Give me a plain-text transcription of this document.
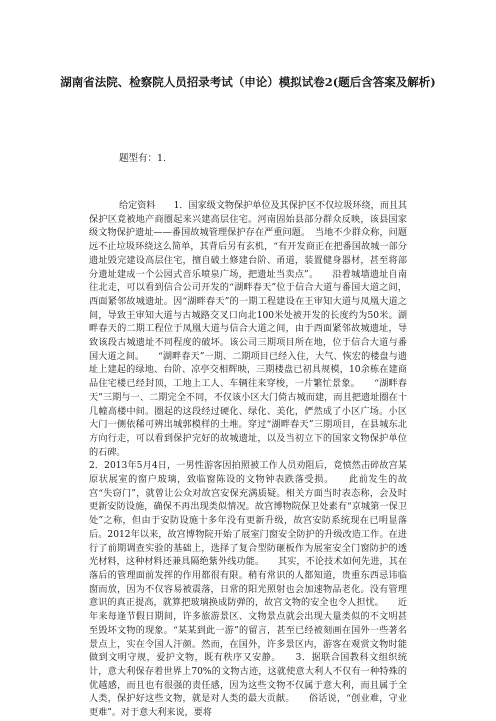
湖南省法院、检察院人员招录考试（申论）模拟试卷2(题后含答案及解析)
题型有：1.

给定资料　　1．国家级文物保护单位及其保护区不仅垃圾环绕，而且其保护区竟被地产商圈起来兴建高层住宅。河南固始县部分群众反映，该县国家级文物保护遗址——番国故城管理保护存在严重问题。　当地不少群众称，问题远不止垃圾环绕这么简单，其背后另有玄机，“有开发商正在把番国故城一部分遗址毁完建设高层住宅，擅自破土修建台阶、甬道，装置健身器材，甚至将部分遗址建成一个公园式音乐喷泉广场，把遗址当卖点”。　　沿着城墙遗址自南往北走，可以看到信合公司开发的“湖畔春天”位于信合大道与番国大道之间，西面紧邻故城遗址。因“湖畔春天”的一期工程建设在王审知大道与凤凰大道之间，导致王审知大道与古城路交叉口向北100米处被开发的长度约为50米。湖畔春天的二期工程位于凤凰大道与信合大道之间，由于西面紧邻故城遗址，导致该段古城遗址不同程度的破坏。该公司三期项目所在地，位于信合大道与番国大道之间。　　“湖畔春天”一期、二期项目已经入住，大气、恢宏的楼盘与遗址上建起的绿地、台阶、凉亭交相辉映，三期楼盘已初具规模，10余栋在建商品住宅楼已经封顶，工地上工人、车辆往来穿梭，一片繁忙景象。　　“湖畔春天”三期与一、二期完全不同，不仅该小区大门倚古城而建，而且把遗址圈在十几幢高楼中间。圈起的这段经过硬化、绿化、美化，俨然成了小区广场。小区大门一侧依稀可辨出城郭模样的土堆。穿过“湖畔春天”三期项目，在县城东北方向行走，可以看到保护完好的故城遗址，以及当初立下的国家文物保护单位的石碑。

2．2013年5月4日，一男性游客因拍照被工作人员劝阻后，竟愤然击碎故宫某原状展室的窗户玻璃，致临窗陈设的文物钟表跌落受损。　　此前发生的故宫“失窃门”，就曾让公众对故宫安保充满质疑。相关方面当时表态称，会及时更新安防设施，确保不再出现类似情况。故宫博物院保卫处素有“京城第一保卫处”之称，但由于安防设施十多年没有更新升级，故宫安防系统现在已明显落后。2012年以来，故宫博物院开始了展室门窗安全防护的升级改造工作。在进行了前期调查实验的基础上，选择了复合型防砸板作为展室安全门窗防护的透光材料，这种材料还兼具隔绝紫外线功能。　　其实，不论技术如何先进，其在落后的管理面前发挥的作用都很有限。稍有常识的人都知道，贵重东西忌讳临窗而放，因为不仅容易被震落，日常的阳光照射也会加速物品老化。没有管理意识的真正提高，就算把玻璃换成防弹的，故宫文物的安全也令人担忧。　　近年来每逢节假日期间，许多旅游景区、文物景点就会出现大量类似的不文明甚至毁坏文物的现象。“某某到此一游”的留言，甚至已经被刻画在国外一些著名景点上，实在令国人汗颜。然而，在国外，许多景区内，游客在观赏文物时能做到文明守规，爱护文物，既有秩序又安静。　　3．据联合国教科文组织统计，意大利保存着世界上70%的文物古迹，这就使意大利人不仅有一种特殊的优越感，而且也有很强的责任感，因为这些文物不仅属于意大利，而且属于全人类，保护好这些文物，就是对人类的最大贡献。　　俗话说，“创业难，守业更难”。对于意大利来说，要将
